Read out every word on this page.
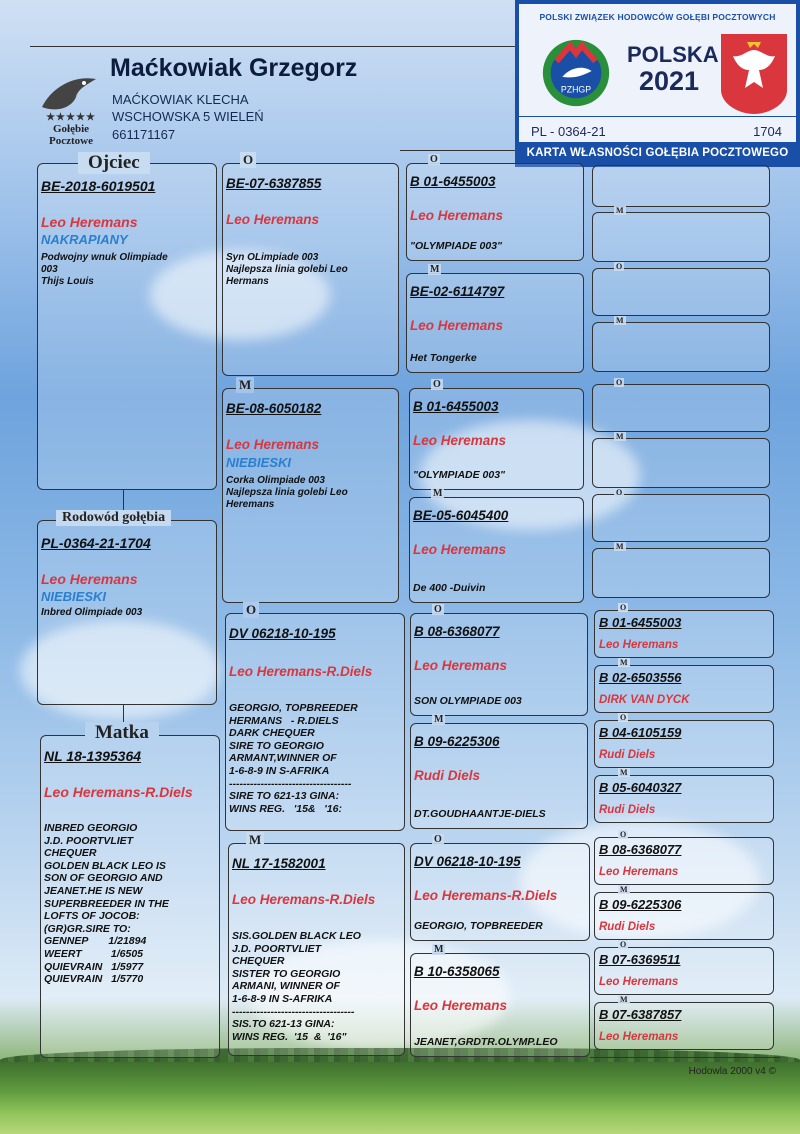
★★★★★
Gołębie
Pocztowe
Maćkowiak Grzegorz
MAĆKOWIAK KLECHA
WSCHOWSKA 5 WIELEŃ
661171167
POLSKI ZWIĄZEK HODOWCÓW GOŁĘBI POCZTOWYCH
PZHGP
POLSKA
2021
PL - 0364-21	1704
KARTA WŁASNOŚCI GOŁĘBIA POCZTOWEGO
BE-2018-6019501
Leo Heremans
NAKRAPIANY
Podwojny wnuk Olimpiade
003
Thijs Louis
Ojciec
PL-0364-21-1704
Leo Heremans
NIEBIESKI
Inbred Olimpiade 003
Rodowód gołębia
NL 18-1395364
Leo Heremans-R.Diels
INBRED GEORGIO
J.D. POORTVLIET
CHEQUER
GOLDEN BLACK LEO IS
SON OF GEORGIO AND
JEANET.HE IS NEW
SUPERBREEDER IN THE
LOFTS OF JOCOB:
(GR)GR.SIRE TO:
GENNEP       1/21894
WEERT          1/6505
QUIEVRAIN   1/5977
QUIEVRAIN   1/5770
Matka
BE-07-6387855
Leo Heremans
Syn OLimpiade 003
Najlepsza linia golebi Leo
Hermans
O
BE-08-6050182
Leo Heremans
NIEBIESKI
Corka Olimpiade 003
Najlepsza linia golebi Leo
Heremans
M
DV 06218-10-195
Leo Heremans-R.Diels
GEORGIO, TOPBREEDER
HERMANS   - R.DIELS
DARK CHEQUER
SIRE TO GEORGIO
ARMANT,WINNER OF
1-6-8-9 IN S-AFRIKA
-----------------------------------
SIRE TO 621-13 GINA:
WINS REG.   '15&   '16:
O
NL 17-1582001
Leo Heremans-R.Diels
SIS.GOLDEN BLACK LEO
J.D. POORTVLIET
CHEQUER
SISTER TO GEORGIO
ARMANI, WINNER OF
1-6-8-9 IN S-AFRIKA
-----------------------------------
SIS.TO 621-13 GINA:
WINS REG.  '15  &  '16"
M
B 01-6455003
Leo Heremans
"OLYMPIADE 003"
O
BE-02-6114797
Leo Heremans
Het Tongerke
M
B 01-6455003
Leo Heremans
"OLYMPIADE 003"
O
BE-05-6045400
Leo Heremans
De 400 -Duivin
M
B 08-6368077
Leo Heremans
SON OLYMPIADE 003
O
B 09-6225306
Rudi Diels
DT.GOUDHAANTJE-DIELS
M
DV 06218-10-195
Leo Heremans-R.Diels
GEORGIO, TOPBREEDER
O
B 10-6358065
Leo Heremans
JEANET,GRDTR.OLYMP.LEO
M
B 01-6455003
Leo Heremans
O
B 02-6503556
DIRK VAN DYCK
M
B 04-6105159
Rudi Diels
O
B 05-6040327
Rudi Diels
M
B 08-6368077
Leo Heremans
O
B 09-6225306
Rudi Diels
M
B 07-6369511
Leo Heremans
O
B 07-6387857
Leo Heremans
M
M
O
M
O
M
O
M
Hodowla 2000 v4 ©
